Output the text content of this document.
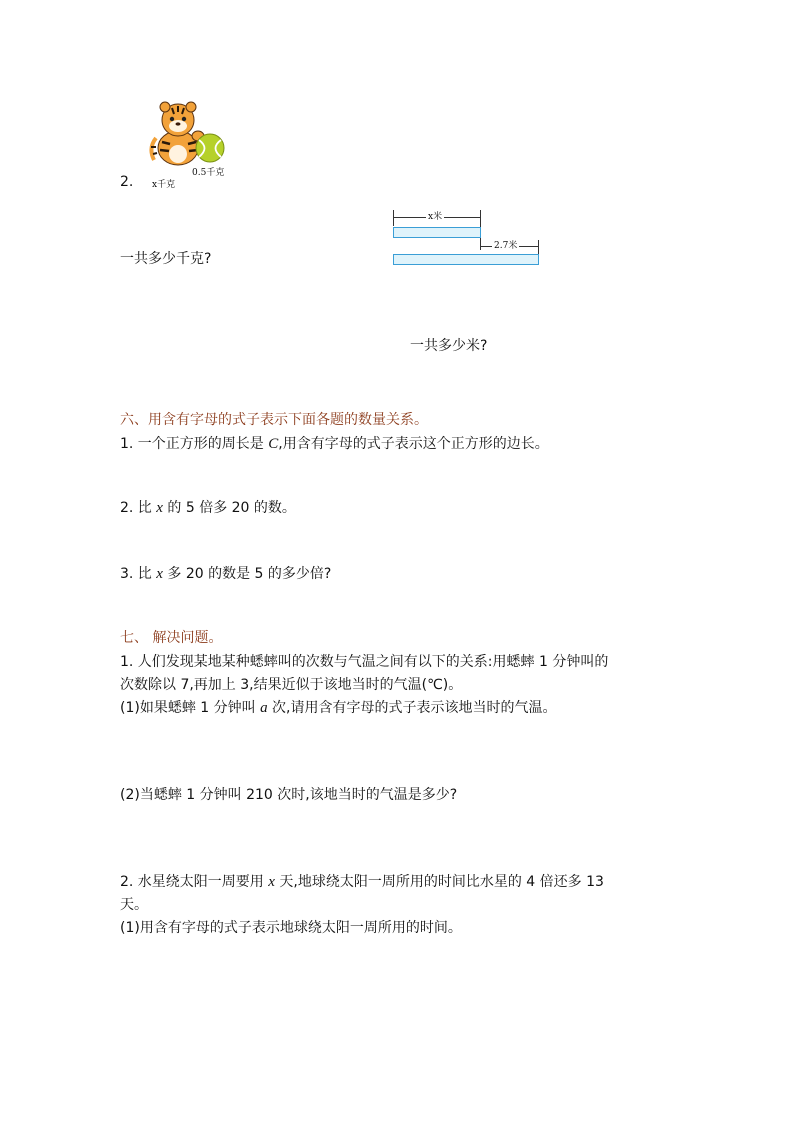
0.5千克
2. x千克
一共多少千克?
x米
2.7米
一共多少米?
六、用含有字母的式子表示下面各题的数量关系。
1. 一个正方形的周长是 C,用含有字母的式子表示这个正方形的边长。
2. 比 x 的 5 倍多 20 的数。
3. 比 x 多 20 的数是 5 的多少倍?
七、 解决问题。
1. 人们发现某地某种蟋蟀叫的次数与气温之间有以下的关系:用蟋蟀 1 分钟叫的
次数除以 7,再加上 3,结果近似于该地当时的气温(℃)。
(1)如果蟋蟀 1 分钟叫 a 次,请用含有字母的式子表示该地当时的气温。
(2)当蟋蟀 1 分钟叫 210 次时,该地当时的气温是多少?
2. 水星绕太阳一周要用 x 天,地球绕太阳一周所用的时间比水星的 4 倍还多 13
天。
(1)用含有字母的式子表示地球绕太阳一周所用的时间。
